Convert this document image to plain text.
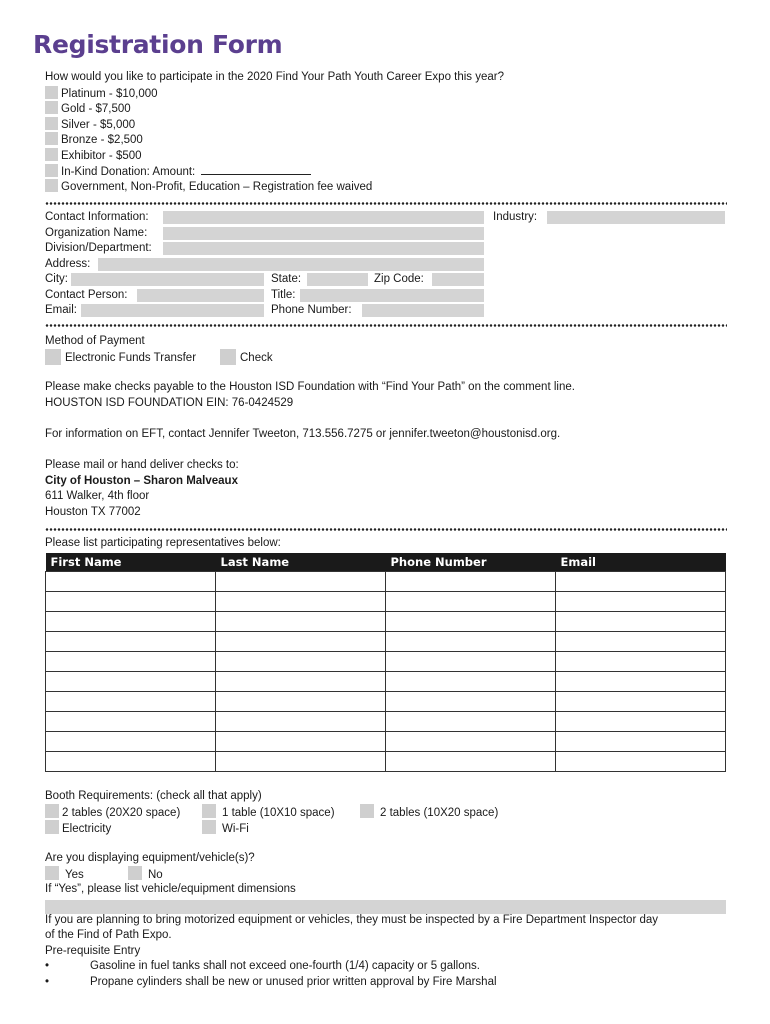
Registration Form
How would you like to participate in the 2020 Find Your Path Youth Career Expo this year?
Platinum - $10,000
Gold - $7,500
Silver - $5,000
Bronze - $2,500
Exhibitor - $500
In-Kind Donation: Amount:
Government, Non-Profit, Education – Registration fee waived
Contact Information:	Industry:
Organization Name:
Division/Department:
Address:
City:	State:	Zip Code:
Contact Person:	Title:
Email:	Phone Number:
Method of Payment
Electronic Funds Transfer	Check
Please make checks payable to the Houston ISD Foundation with “Find Your Path” on the comment line.
HOUSTON ISD FOUNDATION EIN: 76-0424529
For information on EFT, contact Jennifer Tweeton, 713.556.7275 or jennifer.tweeton@houstonisd.org.
Please mail or hand deliver checks to:
City of Houston – Sharon Malveaux
611 Walker, 4th floor
Houston TX 77002
Please list participating representatives below:
First Name	Last Name	Phone Number	Email

Booth Requirements: (check all that apply)
2 tables (20X20 space)	1 table (10X10 space)	2 tables (10X20 space)
Electricity	Wi-Fi
Are you displaying equipment/vehicle(s)?
Yes	No
If “Yes”, please list vehicle/equipment dimensions
If you are planning to bring motorized equipment or vehicles, they must be inspected by a Fire Department Inspector day
of the Find of Path Expo.
Pre-requisite Entry
•	Gasoline in fuel tanks shall not exceed one-fourth (1/4) capacity or 5 gallons.
•	Propane cylinders shall be new or unused prior written approval by Fire Marshal
